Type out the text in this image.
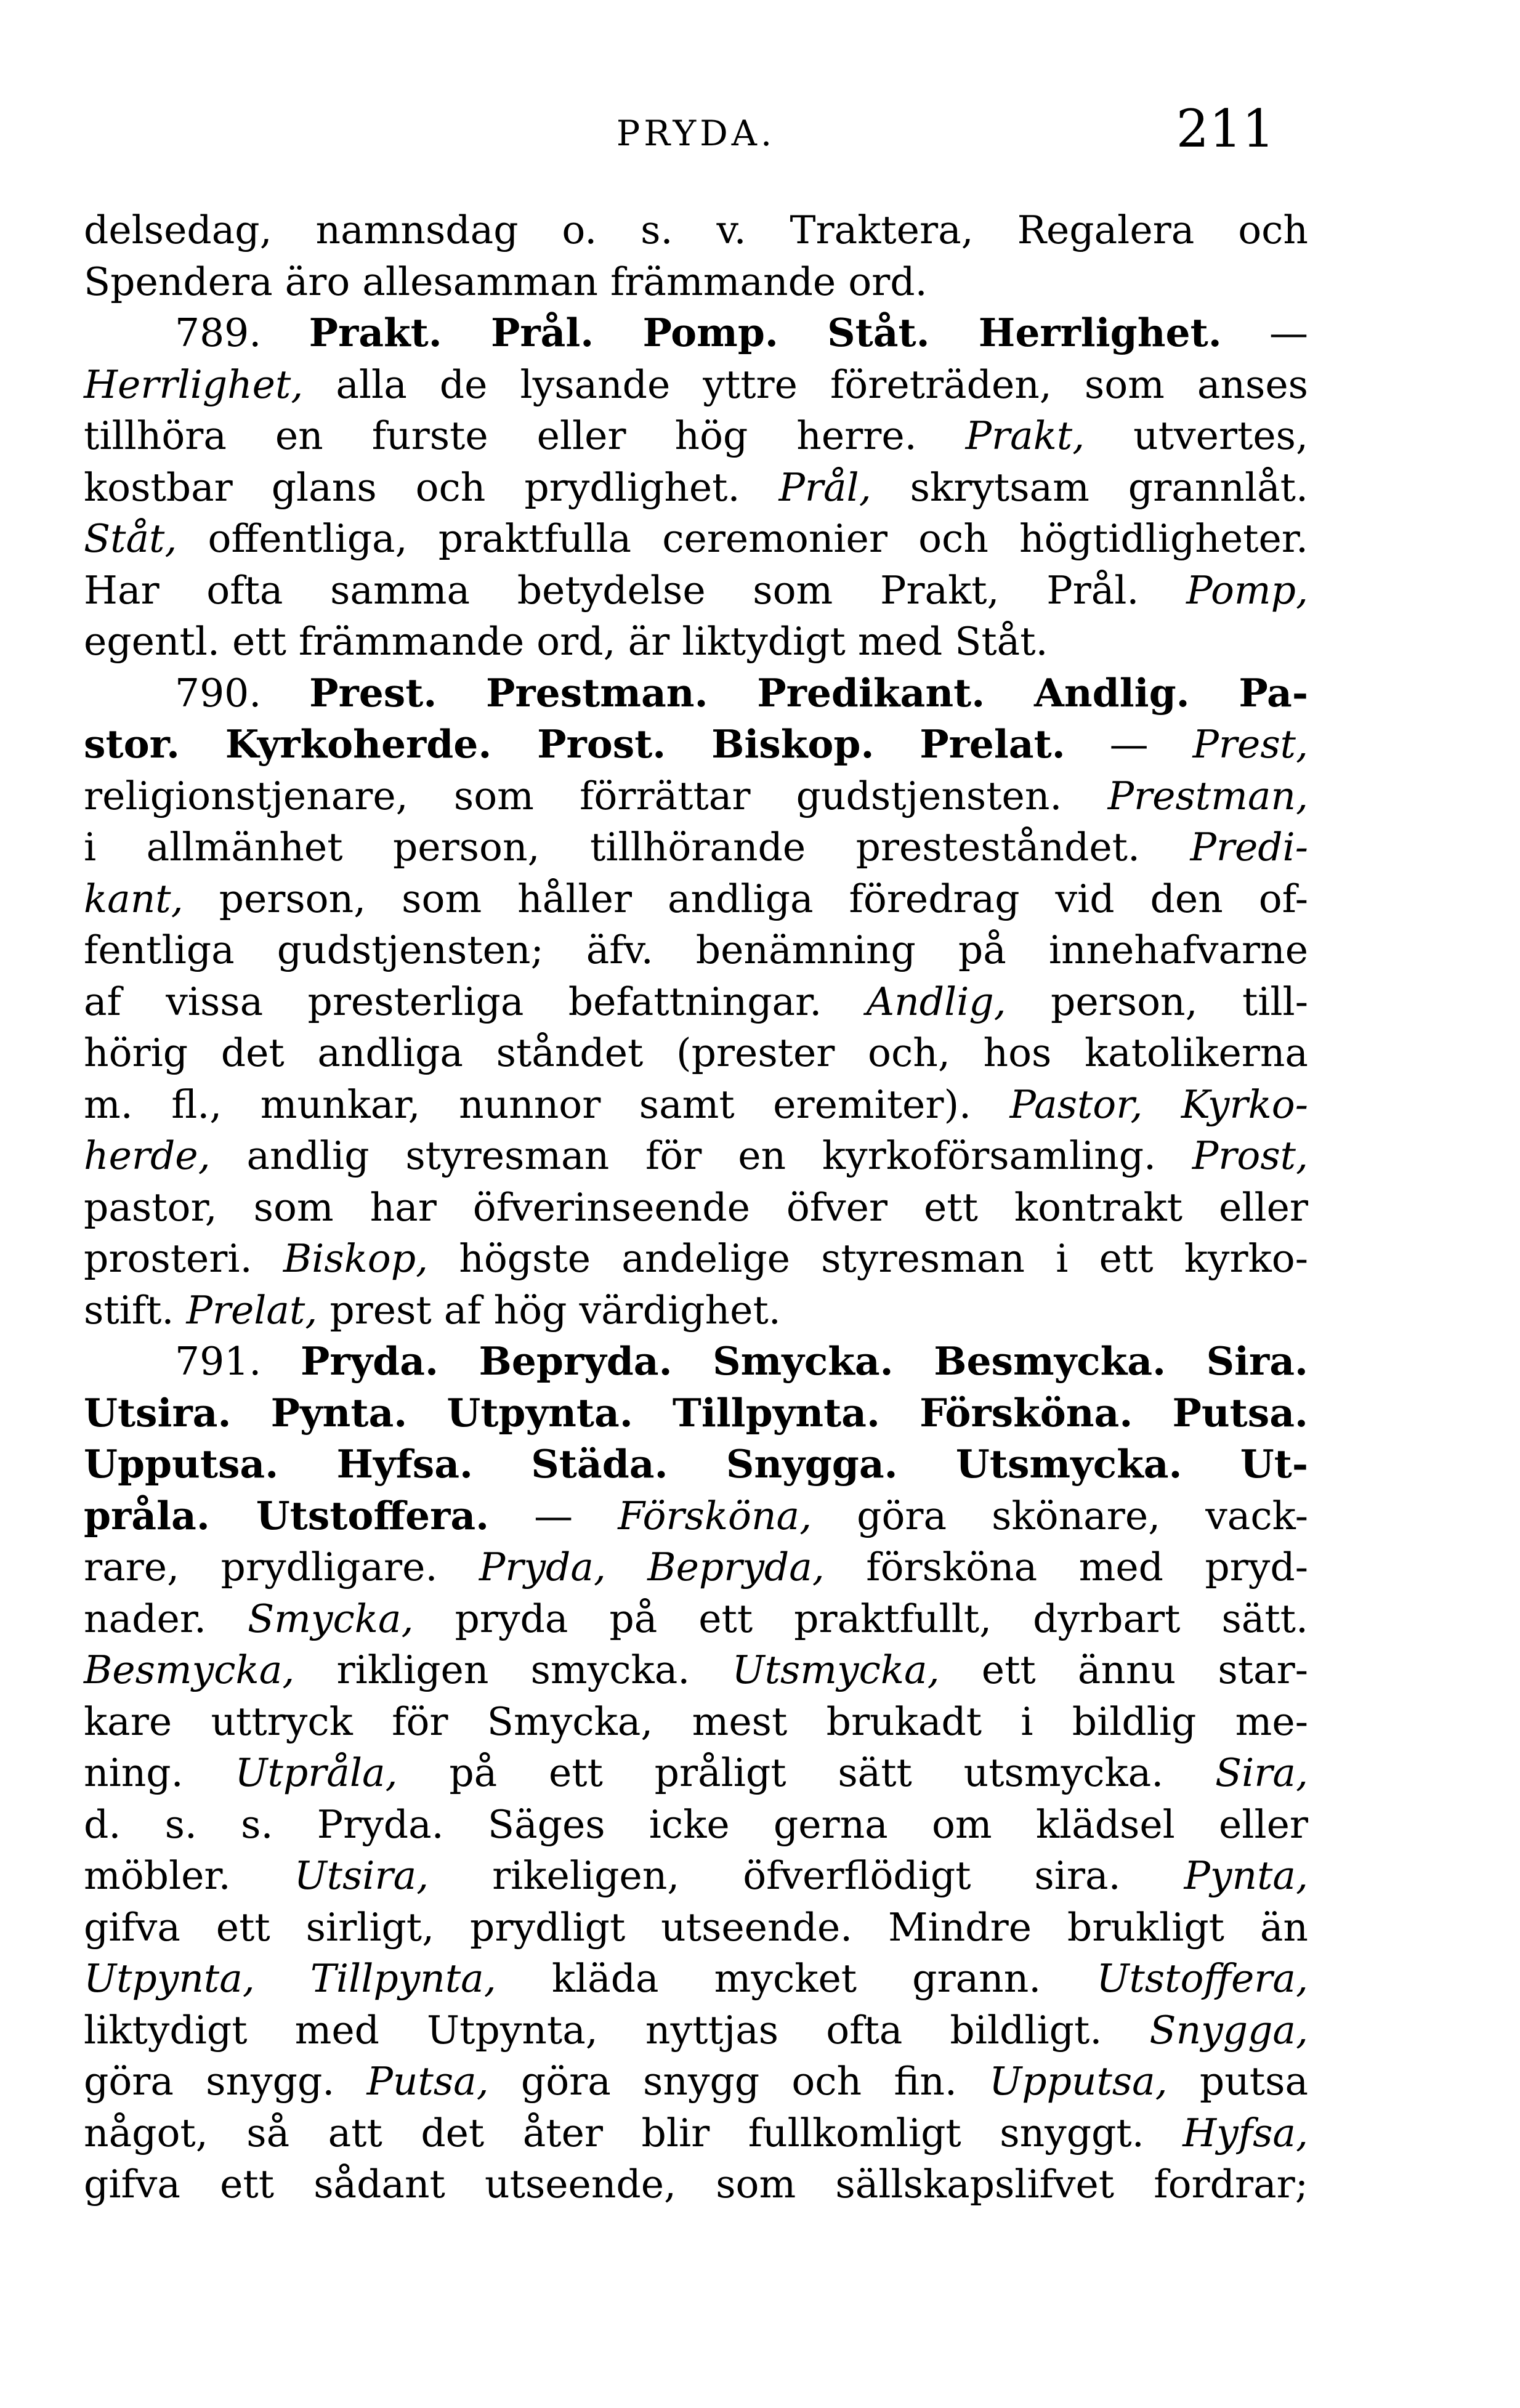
PRYDA.	211
delsedag, namnsdag o. s. v. Traktera, Regalera och
Spendera äro allesamman främmande ord.
789. Prakt. Prål. Pomp. Ståt. Herrlighet. —
Herrlighet, alla de lysande yttre företräden, som anses
tillhöra en furste eller hög herre. Prakt, utvertes,
kostbar glans och prydlighet. Prål, skrytsam grannlåt.
Ståt, offentliga, praktfulla ceremonier och högtidligheter.
Har ofta samma betydelse som Prakt, Prål. Pomp,
egentl. ett främmande ord, är liktydigt med Ståt.
790. Prest. Prestman. Predikant. Andlig. Pa-
stor. Kyrkoherde. Prost. Biskop. Prelat. — Prest,
religionstjenare, som förrättar gudstjensten. Prestman,
i allmänhet person, tillhörande presteståndet. Predi-
kant, person, som håller andliga föredrag vid den of-
fentliga gudstjensten; äfv. benämning på innehafvarne
af vissa presterliga befattningar. Andlig, person, till-
hörig det andliga ståndet (prester och, hos katolikerna
m. fl., munkar, nunnor samt eremiter). Pastor, Kyrko-
herde, andlig styresman för en kyrkoförsamling. Prost,
pastor, som har öfverinseende öfver ett kontrakt eller
prosteri. Biskop, högste andelige styresman i ett kyrko-
stift. Prelat, prest af hög värdighet.
791. Pryda. Bepryda. Smycka. Besmycka. Sira.
Utsira. Pynta. Utpynta. Tillpynta. Försköna. Putsa.
Upputsa. Hyfsa. Städa. Snygga. Utsmycka. Ut-
pråla. Utstoffera. — Försköna, göra skönare, vack-
rare, prydligare. Pryda, Bepryda, försköna med pryd-
nader. Smycka, pryda på ett praktfullt, dyrbart sätt.
Besmycka, rikligen smycka. Utsmycka, ett ännu star-
kare uttryck för Smycka, mest brukadt i bildlig me-
ning. Utpråla, på ett pråligt sätt utsmycka. Sira,
d. s. s. Pryda. Säges icke gerna om klädsel eller
möbler. Utsira, rikeligen, öfverflödigt sira. Pynta,
gifva ett sirligt, prydligt utseende. Mindre brukligt än
Utpynta, Tillpynta, kläda mycket grann. Utstoffera,
liktydigt med Utpynta, nyttjas ofta bildligt. Snygga,
göra snygg. Putsa, göra snygg och fin. Upputsa, putsa
något, så att det åter blir fullkomligt snyggt. Hyfsa,
gifva ett sådant utseende, som sällskapslifvet fordrar;
